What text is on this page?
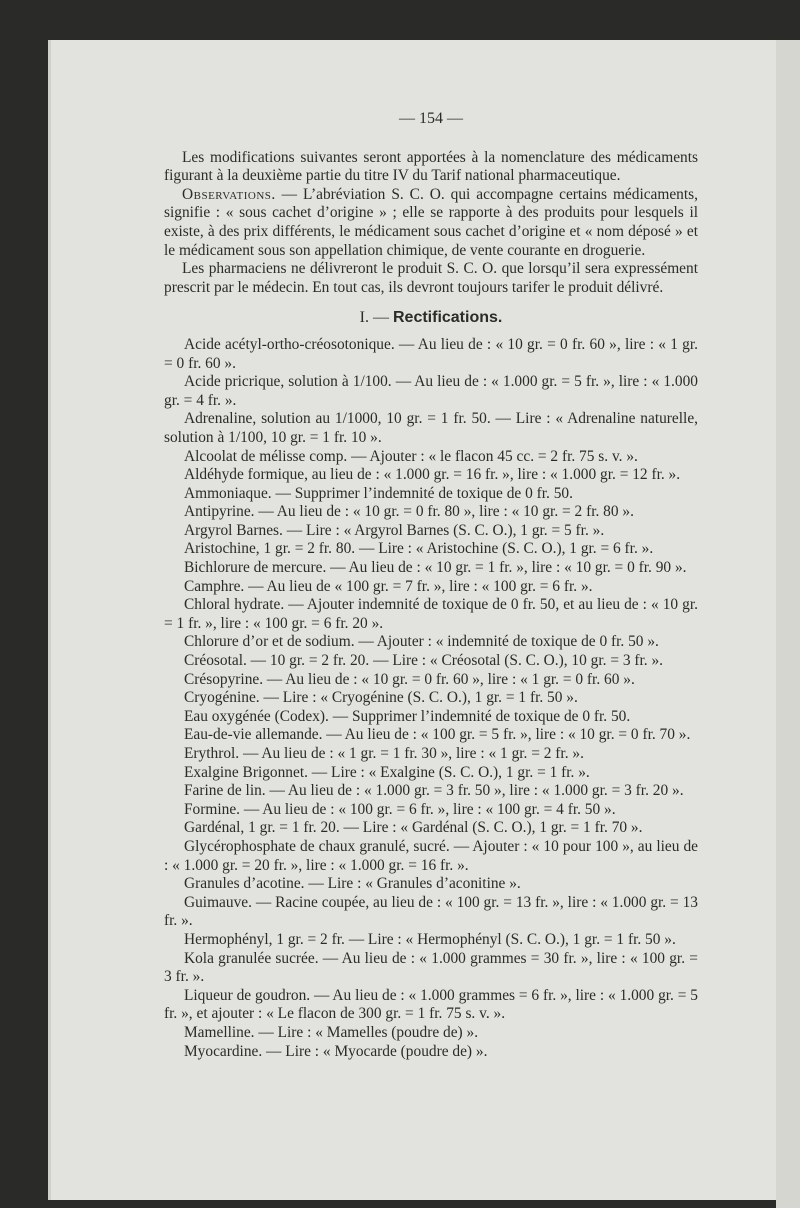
— 154 —

Les modifications suivantes seront apportées à la nomenclature des médicaments figurant à la deuxième partie du titre IV du Tarif national pharmaceutique.

Observations. — L’abréviation S. C. O. qui accompagne certains médicaments, signifie : « sous cachet d’origine » ; elle se rapporte à des produits pour lesquels il existe, à des prix différents, le médicament sous cachet d’origine et « nom déposé » et le médicament sous son appellation chimique, de vente courante en droguerie.

Les pharmaciens ne délivreront le produit S. C. O. que lorsqu’il sera expressément prescrit par le médecin. En tout cas, ils devront toujours tarifer le produit délivré.

I. — Rectifications.

Acide acétyl-ortho-créosotonique. — Au lieu de : « 10 gr. = 0 fr. 60 », lire : « 1 gr. = 0 fr. 60 ».

Acide pricrique, solution à 1/100. — Au lieu de : « 1.000 gr. = 5 fr. », lire : « 1.000 gr. = 4 fr. ».

Adrenaline, solution au 1/1000, 10 gr. = 1 fr. 50. — Lire : « Adrenaline naturelle, solution à 1/100, 10 gr. = 1 fr. 10 ».

Alcoolat de mélisse comp. — Ajouter : « le flacon 45 cc. = 2 fr. 75 s. v. ».

Aldéhyde formique, au lieu de : « 1.000 gr. = 16 fr. », lire : « 1.000 gr. = 12 fr. ».

Ammoniaque. — Supprimer l’indemnité de toxique de 0 fr. 50.

Antipyrine. — Au lieu de : « 10 gr. = 0 fr. 80 », lire : « 10 gr. = 2 fr. 80 ».

Argyrol Barnes. — Lire : « Argyrol Barnes (S. C. O.), 1 gr. = 5 fr. ».

Aristochine, 1 gr. = 2 fr. 80. — Lire : « Aristochine (S. C. O.), 1 gr. = 6 fr. ».

Bichlorure de mercure. — Au lieu de : « 10 gr. = 1 fr. », lire : « 10 gr. = 0 fr. 90 ».

Camphre. — Au lieu de « 100 gr. = 7 fr. », lire : « 100 gr. = 6 fr. ».

Chloral hydrate. — Ajouter indemnité de toxique de 0 fr. 50, et au lieu de : « 10 gr. = 1 fr. », lire : « 100 gr. = 6 fr. 20 ».

Chlorure d’or et de sodium. — Ajouter : « indemnité de toxique de 0 fr. 50 ».

Créosotal. — 10 gr. = 2 fr. 20. — Lire : « Créosotal (S. C. O.), 10 gr. = 3 fr. ».

Crésopyrine. — Au lieu de : « 10 gr. = 0 fr. 60 », lire : « 1 gr. = 0 fr. 60 ».

Cryogénine. — Lire : « Cryogénine (S. C. O.), 1 gr. = 1 fr. 50 ».

Eau oxygénée (Codex). — Supprimer l’indemnité de toxique de 0 fr. 50.

Eau-de-vie allemande. — Au lieu de : « 100 gr. = 5 fr. », lire : « 10 gr. = 0 fr. 70 ».

Erythrol. — Au lieu de : « 1 gr. = 1 fr. 30 », lire : « 1 gr. = 2 fr. ».

Exalgine Brigonnet. — Lire : « Exalgine (S. C. O.), 1 gr. = 1 fr. ».

Farine de lin. — Au lieu de : « 1.000 gr. = 3 fr. 50 », lire : « 1.000 gr. = 3 fr. 20 ».

Formine. — Au lieu de : « 100 gr. = 6 fr. », lire : « 100 gr. = 4 fr. 50 ».

Gardénal, 1 gr. = 1 fr. 20. — Lire : « Gardénal (S. C. O.), 1 gr. = 1 fr. 70 ».

Glycérophosphate de chaux granulé, sucré. — Ajouter : « 10 pour 100 », au lieu de : « 1.000 gr. = 20 fr. », lire : « 1.000 gr. = 16 fr. ».

Granules d’acotine. — Lire : « Granules d’aconitine ».

Guimauve. — Racine coupée, au lieu de : « 100 gr. = 13 fr. », lire : « 1.000 gr. = 13 fr. ».

Hermophényl, 1 gr. = 2 fr. — Lire : « Hermophényl (S. C. O.), 1 gr. = 1 fr. 50 ».

Kola granulée sucrée. — Au lieu de : « 1.000 grammes = 30 fr. », lire : « 100 gr. = 3 fr. ».

Liqueur de goudron. — Au lieu de : « 1.000 grammes = 6 fr. », lire : « 1.000 gr. = 5 fr. », et ajouter : « Le flacon de 300 gr. = 1 fr. 75 s. v. ».

Mamelline. — Lire : « Mamelles (poudre de) ».

Myocardine. — Lire : « Myocarde (poudre de) ».
